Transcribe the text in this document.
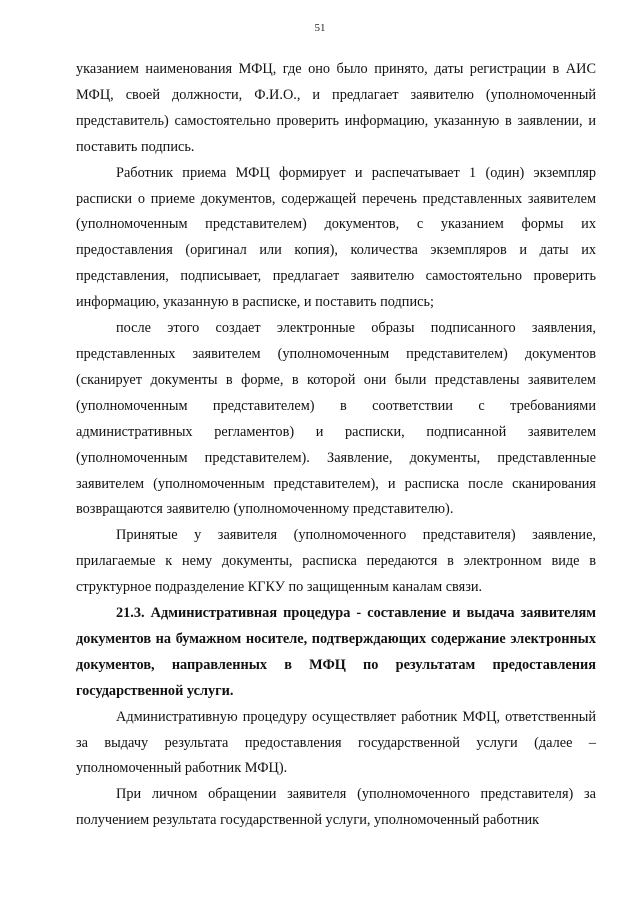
51

указанием наименования МФЦ, где оно было принято, даты регистрации в АИС МФЦ, своей должности, Ф.И.О., и предлагает заявителю (уполномоченный представитель) самостоятельно проверить информацию, указанную в заявлении, и поставить подпись.

Работник приема МФЦ формирует и распечатывает 1 (один) экземпляр расписки о приеме документов, содержащей перечень представленных заявителем (уполномоченным представителем) документов, с указанием формы их предоставления (оригинал или копия), количества экземпляров и даты их представления, подписывает, предлагает заявителю самостоятельно проверить информацию, указанную в расписке, и поставить подпись;

после этого создает электронные образы подписанного заявления, представленных заявителем (уполномоченным представителем) документов (сканирует документы в форме, в которой они были представлены заявителем (уполномоченным представителем) в соответствии с требованиями административных регламентов) и расписки, подписанной заявителем (уполномоченным представителем). Заявление, документы, представленные заявителем (уполномоченным представителем), и расписка после сканирования возвращаются заявителю (уполномоченному представителю).

Принятые у заявителя (уполномоченного представителя) заявление, прилагаемые к нему документы, расписка передаются в электронном виде в структурное подразделение КГКУ по защищенным каналам связи.

21.3. Административная процедура - составление и выдача заявителям документов на бумажном носителе, подтверждающих содержание электронных документов, направленных в МФЦ по результатам предоставления государственной услуги.

Административную процедуру осуществляет работник МФЦ, ответственный за выдачу результата предоставления государственной услуги (далее – уполномоченный работник МФЦ).

При личном обращении заявителя (уполномоченного представителя) за получением результата государственной услуги, уполномоченный работник
